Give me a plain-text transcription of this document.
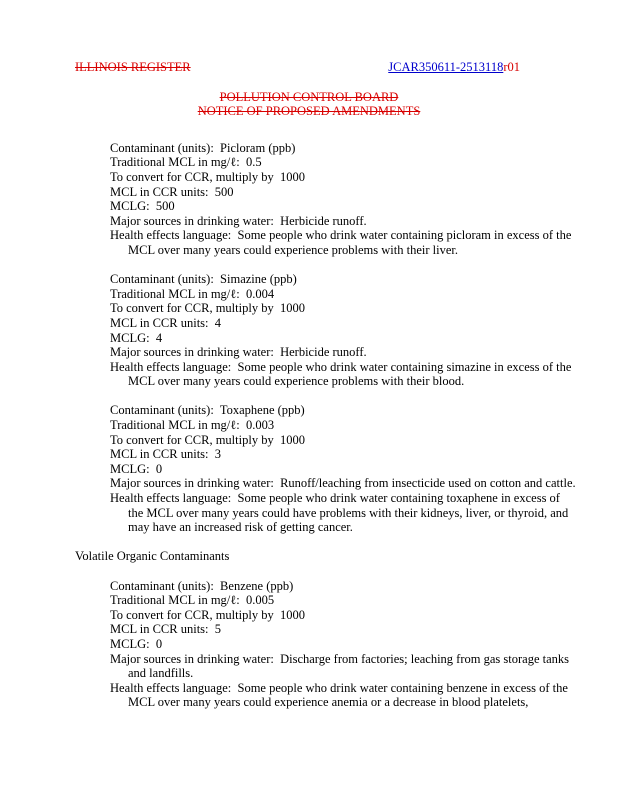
ILLINOIS REGISTER	JCAR350611-2513118r01
POLLUTION CONTROL BOARD
NOTICE OF PROPOSED AMENDMENTS
Contaminant (units):  Picloram (ppb)
Traditional MCL in mg/ℓ:  0.5
To convert for CCR, multiply by  1000
MCL in CCR units:  500
MCLG:  500
Major sources in drinking water:  Herbicide runoff.
Health effects language:  Some people who drink water containing picloram in excess of the MCL over many years could experience problems with their liver.
Contaminant (units):  Simazine (ppb)
Traditional MCL in mg/ℓ:  0.004
To convert for CCR, multiply by  1000
MCL in CCR units:  4
MCLG:  4
Major sources in drinking water:  Herbicide runoff.
Health effects language:  Some people who drink water containing simazine in excess of the MCL over many years could experience problems with their blood.
Contaminant (units):  Toxaphene (ppb)
Traditional MCL in mg/ℓ:  0.003
To convert for CCR, multiply by  1000
MCL in CCR units:  3
MCLG:  0
Major sources in drinking water:  Runoff/leaching from insecticide used on cotton and cattle.
Health effects language:  Some people who drink water containing toxaphene in excess of the MCL over many years could have problems with their kidneys, liver, or thyroid, and may have an increased risk of getting cancer.
Volatile Organic Contaminants
Contaminant (units):  Benzene (ppb)
Traditional MCL in mg/ℓ:  0.005
To convert for CCR, multiply by  1000
MCL in CCR units:  5
MCLG:  0
Major sources in drinking water:  Discharge from factories; leaching from gas storage tanks and landfills.
Health effects language:  Some people who drink water containing benzene in excess of the MCL over many years could experience anemia or a decrease in blood platelets,
